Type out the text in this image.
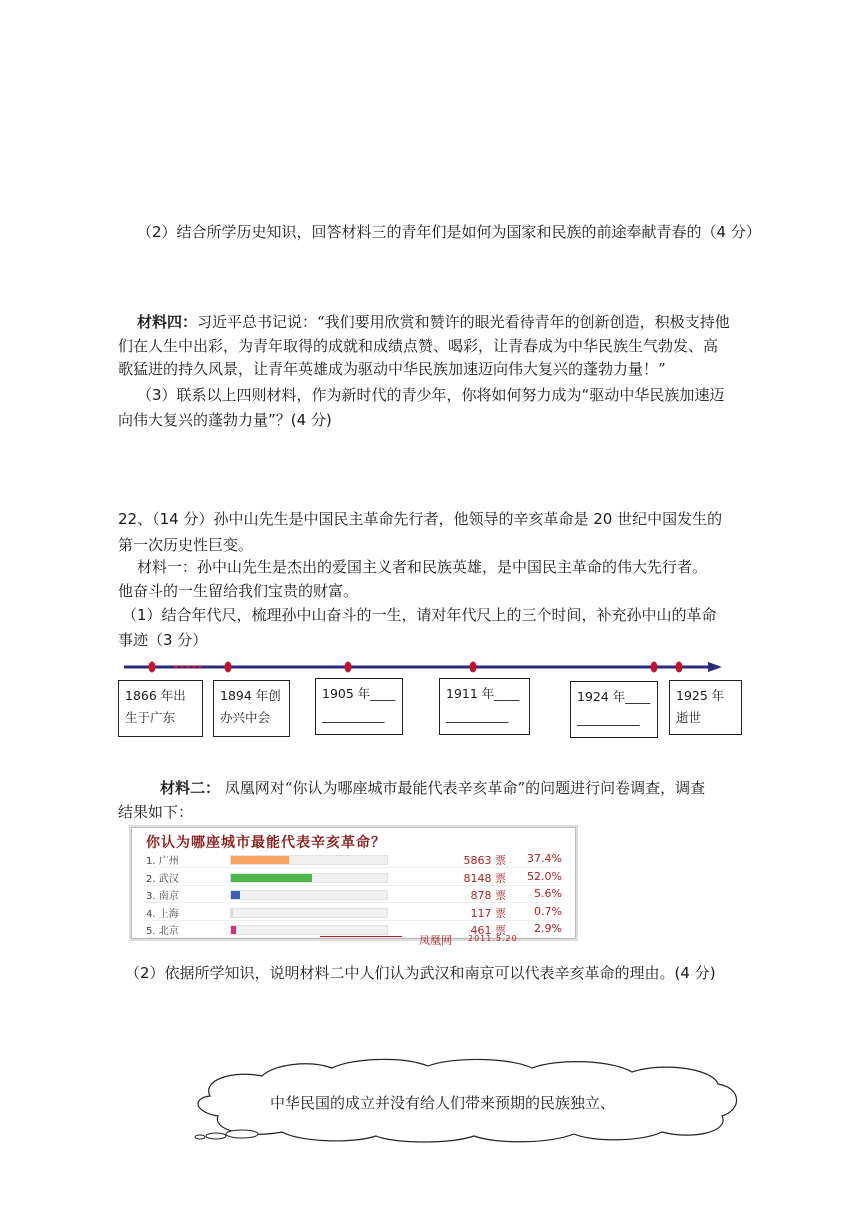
（2）结合所学历史知识，回答材料三的青年们是如何为国家和民族的前途奉献青春的（4 分）
材料四：习近平总书记说：“我们要用欣赏和赞许的眼光看待青年的创新创造，积极支持他
们在人生中出彩，为青年取得的成就和成绩点赞、喝彩，让青春成为中华民族生气勃发、高
歌猛进的持久风景，让青年英雄成为驱动中华民族加速迈向伟大复兴的蓬勃力量！”
（3）联系以上四则材料，作为新时代的青少年，你将如何努力成为“驱动中华民族加速迈
向伟大复兴的蓬勃力量”？(4 分)
22、（14 分）孙中山先生是中国民主革命先行者，他领导的辛亥革命是 20 世纪中国发生的
第一次历史性巨变。
材料一：孙中山先生是杰出的爱国主义者和民族英雄，是中国民主革命的伟大先行者。
他奋斗的一生留给我们宝贵的财富。
（1）结合年代尺，梳理孙中山奋斗的一生，请对年代尺上的三个时间，补充孙中山的革命
事迹（3 分）
1866 年出
生于广东
1894 年创
办兴中会
1905 年____
__________
1911 年____
__________
1924 年____
__________
1925 年
逝世
材料二： 凤凰网对“你认为哪座城市最能代表辛亥革命”的问题进行问卷调查，调查
结果如下：
你认为哪座城市最能代表辛亥革命？
1. 广州	5863 票	37.4%
2. 武汉	8148 票	52.0%
3. 南京	878 票	5.6%
4. 上海	117 票	0.7%
5. 北京	461 票	2.9%
凤凰网 2011.5.20
（2）依据所学知识，说明材料二中人们认为武汉和南京可以代表辛亥革命的理由。(4 分)
中华民国的成立并没有给人们带来预期的民族独立、
